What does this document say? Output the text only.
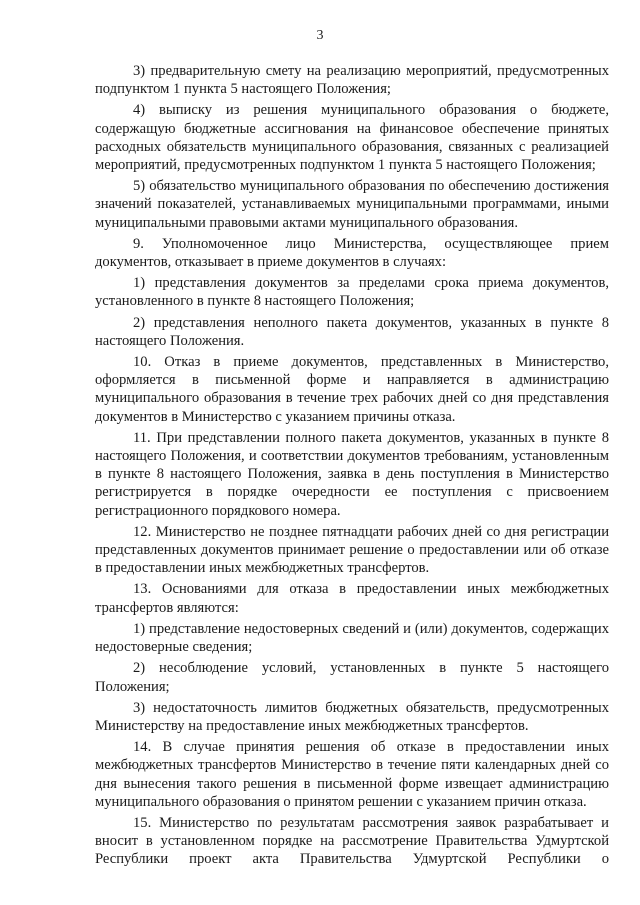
3

3) предварительную смету на реализацию мероприятий, предусмотренных подпунктом 1 пункта 5 настоящего Положения;

4) выписку из решения муниципального образования о бюджете, содержащую бюджетные ассигнования на финансовое обеспечение принятых расходных обязательств муниципального образования, связанных с реализацией мероприятий, предусмотренных подпунктом 1 пункта 5 настоящего Положения;

5) обязательство муниципального образования по обеспечению достижения значений показателей, устанавливаемых муниципальными программами, иными муниципальными правовыми актами муниципального образования.

9. Уполномоченное лицо Министерства, осуществляющее прием документов, отказывает в приеме документов в случаях:

1) представления документов за пределами срока приема документов, установленного в пункте 8 настоящего Положения;

2) представления неполного пакета документов, указанных в пункте 8 настоящего Положения.

10. Отказ в приеме документов, представленных в Министерство, оформляется в письменной форме и направляется в администрацию муниципального образования в течение трех рабочих дней со дня представления документов в Министерство с указанием причины отказа.

11. При представлении полного пакета документов, указанных в пункте 8 настоящего Положения, и соответствии документов требованиям, установленным в пункте 8 настоящего Положения, заявка в день поступления в Министерство регистрируется в порядке очередности ее поступления с присвоением регистрационного порядкового номера.

12. Министерство не позднее пятнадцати рабочих дней со дня регистрации представленных документов принимает решение о предоставлении или об отказе в предоставлении иных межбюджетных трансфертов.

13. Основаниями для отказа в предоставлении иных межбюджетных трансфертов являются:

1) представление недостоверных сведений и (или) документов, содержащих недостоверные сведения;

2) несоблюдение условий, установленных в пункте 5 настоящего Положения;

3) недостаточность лимитов бюджетных обязательств, предусмотренных Министерству на предоставление иных межбюджетных трансфертов.

14. В случае принятия решения об отказе в предоставлении иных межбюджетных трансфертов Министерство в течение пяти календарных дней со дня вынесения такого решения в письменной форме извещает администрацию муниципального образования о принятом решении с указанием причин отказа.

15. Министерство по результатам рассмотрения заявок разрабатывает и вносит в установленном порядке на рассмотрение Правительства Удмуртской Республики проект акта Правительства Удмуртской Республики о
